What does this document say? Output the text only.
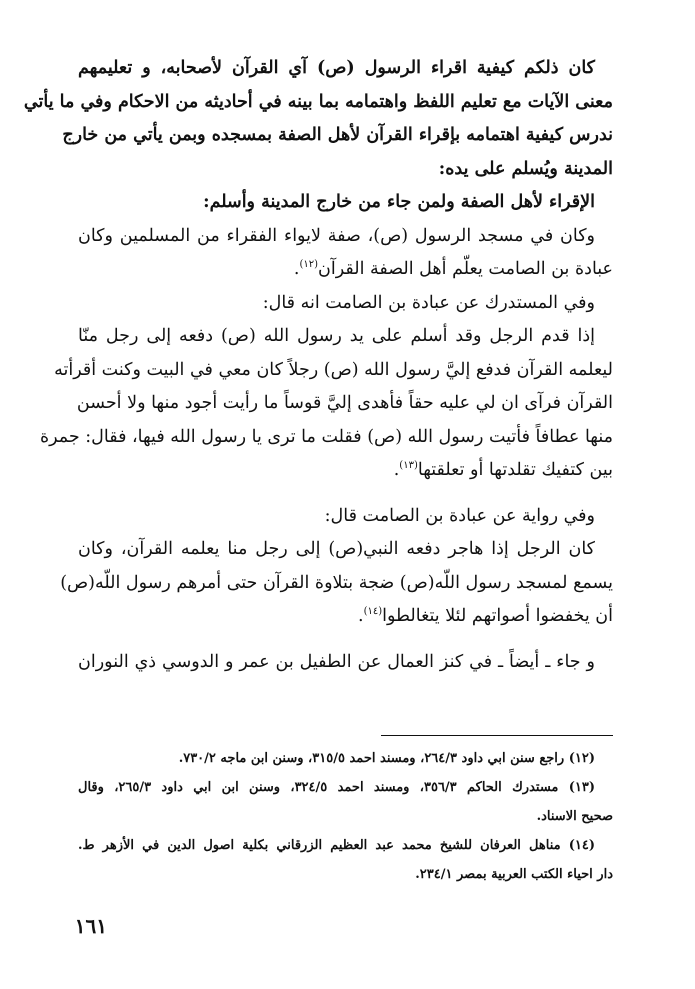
كان ذلكم كيفية اقراء الرسول (ص) آي القرآن لأصحابه، و تعليمهم
معنى الآيات مع تعليم اللفظ واهتمامه بما بينه في أحاديثه من الاحكام وفي ما يأتي
ندرس كيفية اهتمامه بإقراء القرآن لأهل الصفة بمسجده وبمن يأتي من خارج
المدينة ويُسلم على يده:
الإقراء لأهل الصفة ولمن جاء من خارج المدينة وأسلم:
وكان في مسجد الرسول (ص)، صفة لايواء الفقراء من المسلمين وكان
عبادة بن الصامت يعلّم أهل الصفة القرآن$^{(١٢)}$.
وفي المستدرك عن عبادة بن الصامت انه قال:
إذا قدم الرجل وقد أسلم على يد رسول الله (ص) دفعه إلى رجل منّا
ليعلمه القرآن فدفع إليَّ رسول الله (ص) رجلاً كان معي في البيت وكنت أقرأته
القرآن فرآى ان لي عليه حقاً فأهدى إليَّ قوساً ما رأيت أجود منها ولا أحسن
منها عطافاً فأتيت رسول الله (ص) فقلت ما ترى يا رسول الله فيها، فقال: جمرة
بين كتفيك تقلدتها أو تعلقتها$^{(١٣)}$.
وفي رواية عن عبادة بن الصامت قال:
كان الرجل إذا هاجر دفعه النبي(ص) إلى رجل منا يعلمه القرآن، وكان
يسمع لمسجد رسول اللّه(ص) ضجة بتلاوة القرآن حتى أمرهم رسول اللّه(ص)
أن يخفضوا أصواتهم لئلا يتغالطوا$^{(١٤)}$.
و جاء ـ أيضاً ـ في كنز العمال عن الطفيل بن عمر و الدوسي ذي النوران
(١٢) راجع سنن ابي داود ٢٦٤/٣، ومسند احمد ٣١٥/٥، وسنن ابن ماجه ٧٣٠/٢.
(١٣) مستدرك الحاكم ٣٥٦/٣، ومسند احمد ٣٢٤/٥، وسنن ابن ابي داود ٢٦٥/٣، وقال
صحيح الاسناد.
(١٤) مناهل العرفان للشيخ محمد عبد العظيم الزرقاني بكلية اصول الدين في الأزهر ط.
دار احياء الكتب العربية بمصر ٢٣٤/١.
١٦١
